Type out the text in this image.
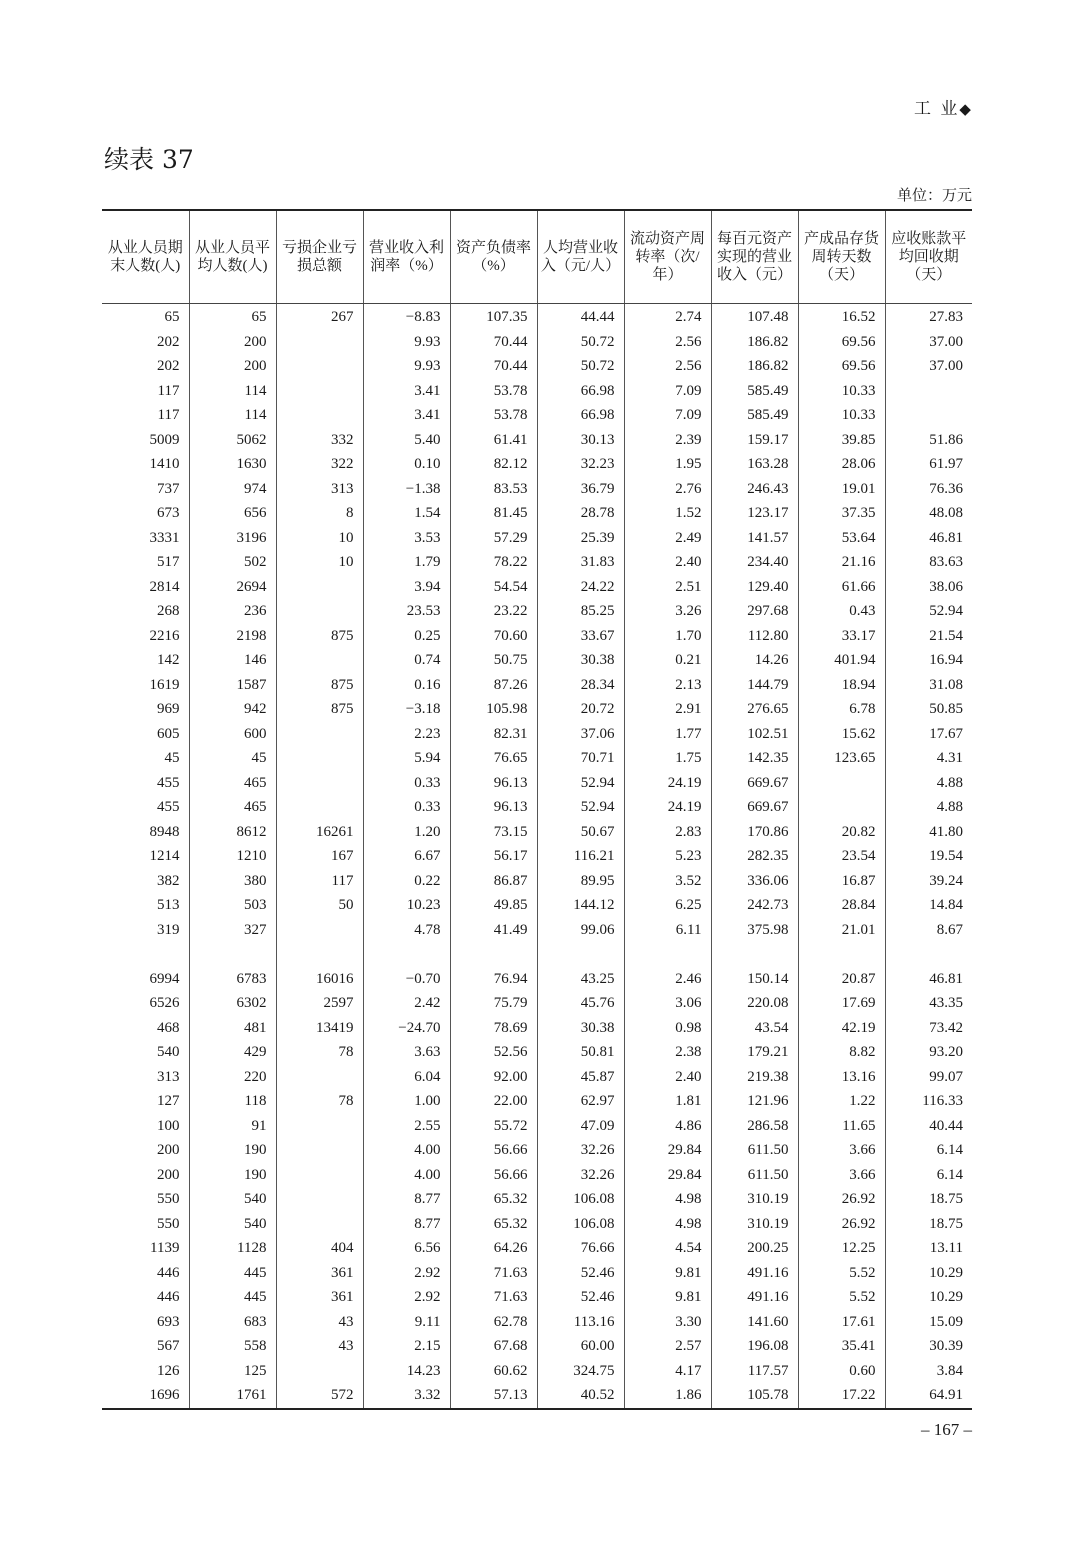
工 业◆
续表 37
单位：万元
从业人员期末人数(人)	从业人员平均人数(人)	亏损企业亏损总额	营业收入利润率（%）	资产负债率（%）	人均营业收入（元/人）	流动资产周转率（次/年）	每百元资产实现的营业收入（元）	产成品存货周转天数（天）	应收账款平均回收期（天）
65	65	267	−8.83	107.35	44.44	2.74	107.48	16.52	27.83
202	200		9.93	70.44	50.72	2.56	186.82	69.56	37.00
202	200		9.93	70.44	50.72	2.56	186.82	69.56	37.00
117	114		3.41	53.78	66.98	7.09	585.49	10.33	
117	114		3.41	53.78	66.98	7.09	585.49	10.33	
5009	5062	332	5.40	61.41	30.13	2.39	159.17	39.85	51.86
1410	1630	322	0.10	82.12	32.23	1.95	163.28	28.06	61.97
737	974	313	−1.38	83.53	36.79	2.76	246.43	19.01	76.36
673	656	8	1.54	81.45	28.78	1.52	123.17	37.35	48.08
3331	3196	10	3.53	57.29	25.39	2.49	141.57	53.64	46.81
517	502	10	1.79	78.22	31.83	2.40	234.40	21.16	83.63
2814	2694		3.94	54.54	24.22	2.51	129.40	61.66	38.06
268	236		23.53	23.22	85.25	3.26	297.68	0.43	52.94
2216	2198	875	0.25	70.60	33.67	1.70	112.80	33.17	21.54
142	146		0.74	50.75	30.38	0.21	14.26	401.94	16.94
1619	1587	875	0.16	87.26	28.34	2.13	144.79	18.94	31.08
969	942	875	−3.18	105.98	20.72	2.91	276.65	6.78	50.85
605	600		2.23	82.31	37.06	1.77	102.51	15.62	17.67
45	45		5.94	76.65	70.71	1.75	142.35	123.65	4.31
455	465		0.33	96.13	52.94	24.19	669.67		4.88
455	465		0.33	96.13	52.94	24.19	669.67		4.88
8948	8612	16261	1.20	73.15	50.67	2.83	170.86	20.82	41.80
1214	1210	167	6.67	56.17	116.21	5.23	282.35	23.54	19.54
382	380	117	0.22	86.87	89.95	3.52	336.06	16.87	39.24
513	503	50	10.23	49.85	144.12	6.25	242.73	28.84	14.84
319	327		4.78	41.49	99.06	6.11	375.98	21.01	8.67

6994	6783	16016	−0.70	76.94	43.25	2.46	150.14	20.87	46.81
6526	6302	2597	2.42	75.79	45.76	3.06	220.08	17.69	43.35
468	481	13419	−24.70	78.69	30.38	0.98	43.54	42.19	73.42
540	429	78	3.63	52.56	50.81	2.38	179.21	8.82	93.20
313	220		6.04	92.00	45.87	2.40	219.38	13.16	99.07
127	118	78	1.00	22.00	62.97	1.81	121.96	1.22	116.33
100	91		2.55	55.72	47.09	4.86	286.58	11.65	40.44
200	190		4.00	56.66	32.26	29.84	611.50	3.66	6.14
200	190		4.00	56.66	32.26	29.84	611.50	3.66	6.14
550	540		8.77	65.32	106.08	4.98	310.19	26.92	18.75
550	540		8.77	65.32	106.08	4.98	310.19	26.92	18.75
1139	1128	404	6.56	64.26	76.66	4.54	200.25	12.25	13.11
446	445	361	2.92	71.63	52.46	9.81	491.16	5.52	10.29
446	445	361	2.92	71.63	52.46	9.81	491.16	5.52	10.29
693	683	43	9.11	62.78	113.16	3.30	141.60	17.61	15.09
567	558	43	2.15	67.68	60.00	2.57	196.08	35.41	30.39
126	125		14.23	60.62	324.75	4.17	117.57	0.60	3.84
1696	1761	572	3.32	57.13	40.52	1.86	105.78	17.22	64.91
– 167 –
